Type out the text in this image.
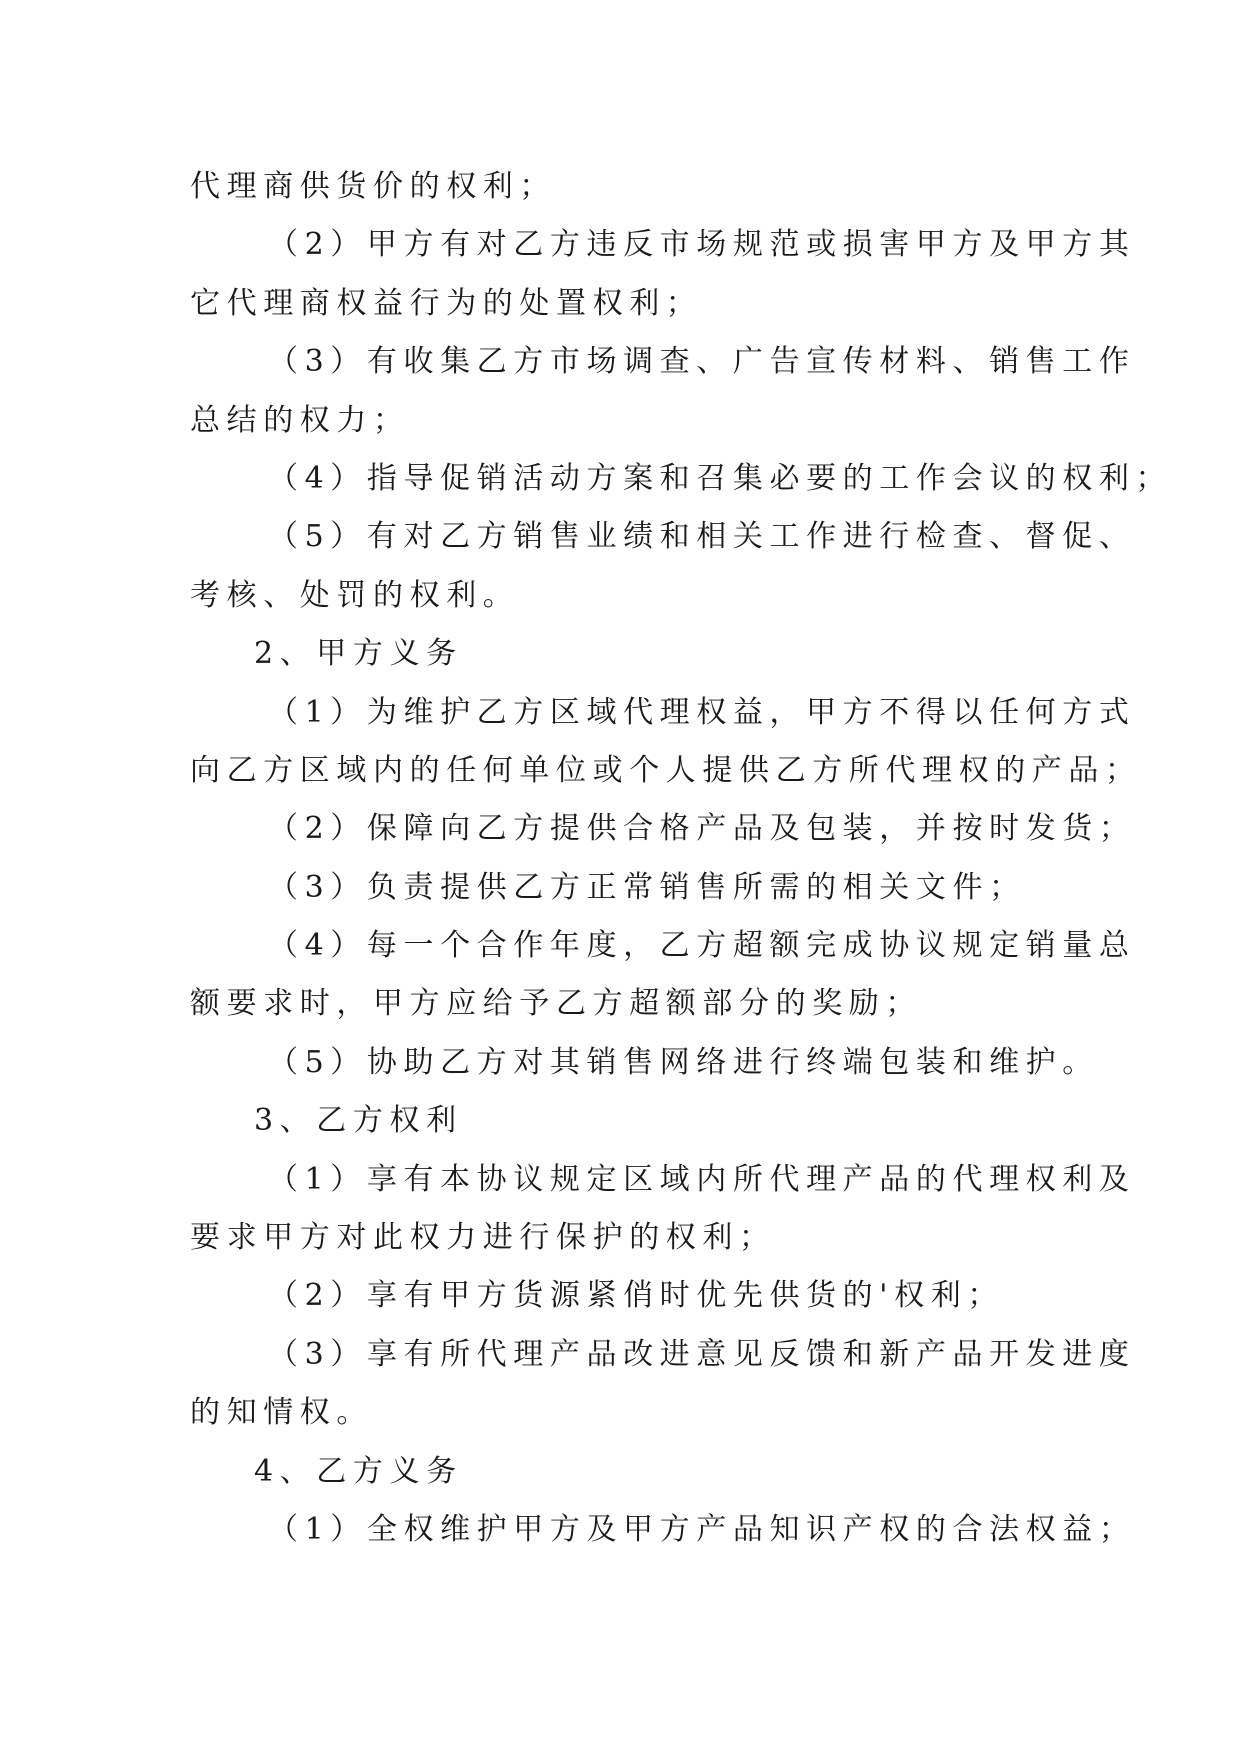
代理商供货价的权利；
（2）甲方有对乙方违反市场规范或损害甲方及甲方其
它代理商权益行为的处置权利；
（3）有收集乙方市场调查、广告宣传材料、销售工作
总结的权力；
（4）指导促销活动方案和召集必要的工作会议的权利；
（5）有对乙方销售业绩和相关工作进行检查、督促、
考核、处罚的权利。
2、甲方义务
（1）为维护乙方区域代理权益，甲方不得以任何方式
向乙方区域内的任何单位或个人提供乙方所代理权的产品；
（2）保障向乙方提供合格产品及包装，并按时发货；
（3）负责提供乙方正常销售所需的相关文件；
（4）每一个合作年度，乙方超额完成协议规定销量总
额要求时，甲方应给予乙方超额部分的奖励；
（5）协助乙方对其销售网络进行终端包装和维护。
3、乙方权利
（1）享有本协议规定区域内所代理产品的代理权利及
要求甲方对此权力进行保护的权利；
（2）享有甲方货源紧俏时优先供货的'权利；
（3）享有所代理产品改进意见反馈和新产品开发进度
的知情权。
4、乙方义务
（1）全权维护甲方及甲方产品知识产权的合法权益；
